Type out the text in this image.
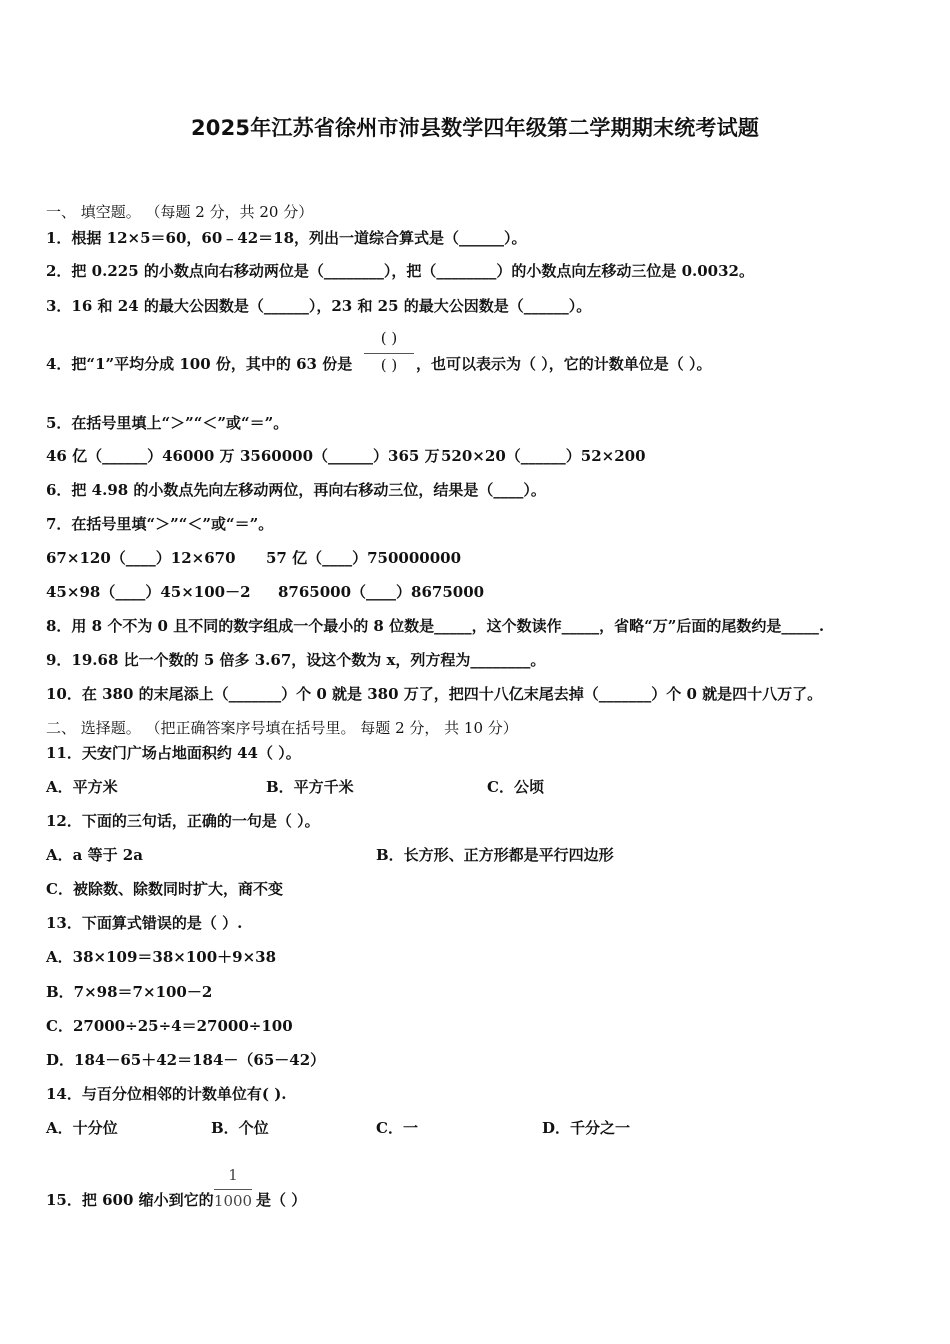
2025年江苏省徐州市沛县数学四年级第二学期期末统考试题
一、 填空题。 （每题 2 分，共 20 分）
1．根据 12×5＝60，60﹣42＝18，列出一道综合算式是（______）。
2．把 0.225 的小数点向右移动两位是（________），把（________）的小数点向左移动三位是 0.0032。
3．16 和 24 的最大公因数是（______），23 和 25 的最大公因数是（______）。
4．把“1”平均分成 100 份，其中的 63 份是
( )
( )	，也可以表示为（ ），它的计数单位是（ ）。
5．在括号里填上“＞”“＜”或“＝”。
46 亿（______）46000 万 3560000（______）365 万 520×20（______）52×200
6．把 4.98 的小数点先向左移动两位，再向右移动三位，结果是（____）。
7．在括号里填“＞”“＜”或“＝”。
67×120（____）12×670 57 亿（____）750000000
45×98（____）45×100－2 8765000（____）8675000
8．用 8 个不为 0 且不同的数字组成一个最小的 8 位数是_____，这个数读作_____，省略“万”后面的尾数约是_____.
9．19.68 比一个数的 5 倍多 3.67，设这个数为 x，列方程为________。
10．在 380 的末尾添上（_______）个 0 就是 380 万了，把四十八亿末尾去掉（_______）个 0 就是四十八万了。
二、 选择题。 （把正确答案序号填在括号里。 每题 2 分， 共 10 分）
11．天安门广场占地面积约 44（ ）。
A．平方米	B．平方千米	C．公顷
12．下面的三句话，正确的一句是（ ）。
A．a 等于 2a	B．长方形、正方形都是平行四边形
C．被除数、除数同时扩大，商不变
13．下面算式错误的是（ ）.
A．38×109＝38×100＋9×38
B．7×98＝7×100－2
C．27000÷25÷4＝27000÷100
D．184－65＋42＝184－（65－42）
14．与百分位相邻的计数单位有( ).
A．十分位	B．个位	C．一	D．千分之一
15．把 600 缩小到它的
1
1000 是（ ）
